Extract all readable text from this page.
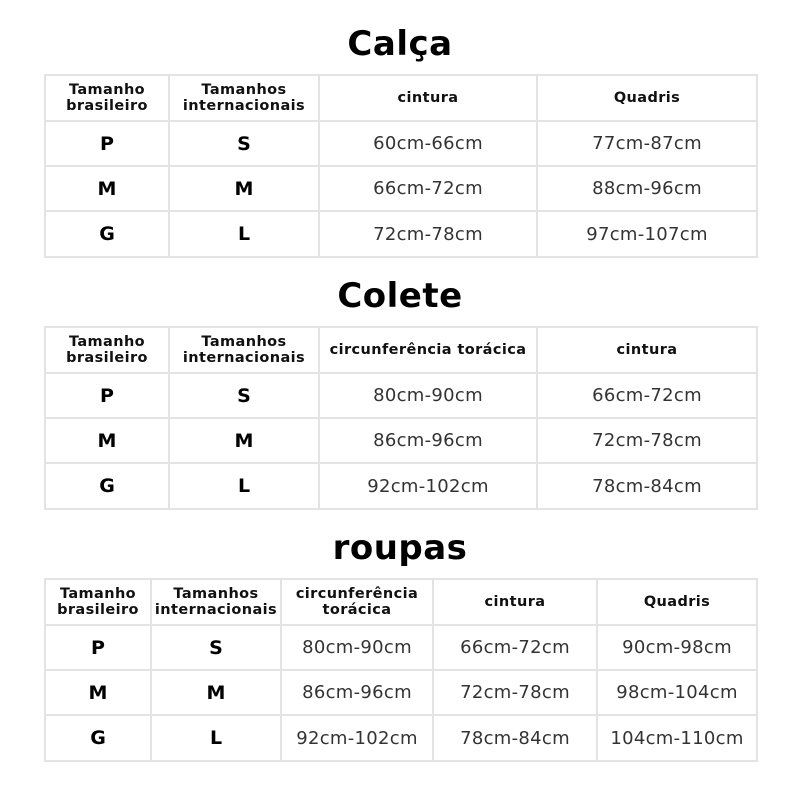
Calça
Tamanho brasileiro	Tamanhos internacionais	cintura	Quadris
P	S	60cm-66cm	77cm-87cm
M	M	66cm-72cm	88cm-96cm
G	L	72cm-78cm	97cm-107cm
Colete
Tamanho brasileiro	Tamanhos internacionais	circunferência torácica	cintura
P	S	80cm-90cm	66cm-72cm
M	M	86cm-96cm	72cm-78cm
G	L	92cm-102cm	78cm-84cm
roupas
Tamanho brasileiro	Tamanhos internacionais	circunferência torácica	cintura	Quadris
P	S	80cm-90cm	66cm-72cm	90cm-98cm
M	M	86cm-96cm	72cm-78cm	98cm-104cm
G	L	92cm-102cm	78cm-84cm	104cm-110cm
